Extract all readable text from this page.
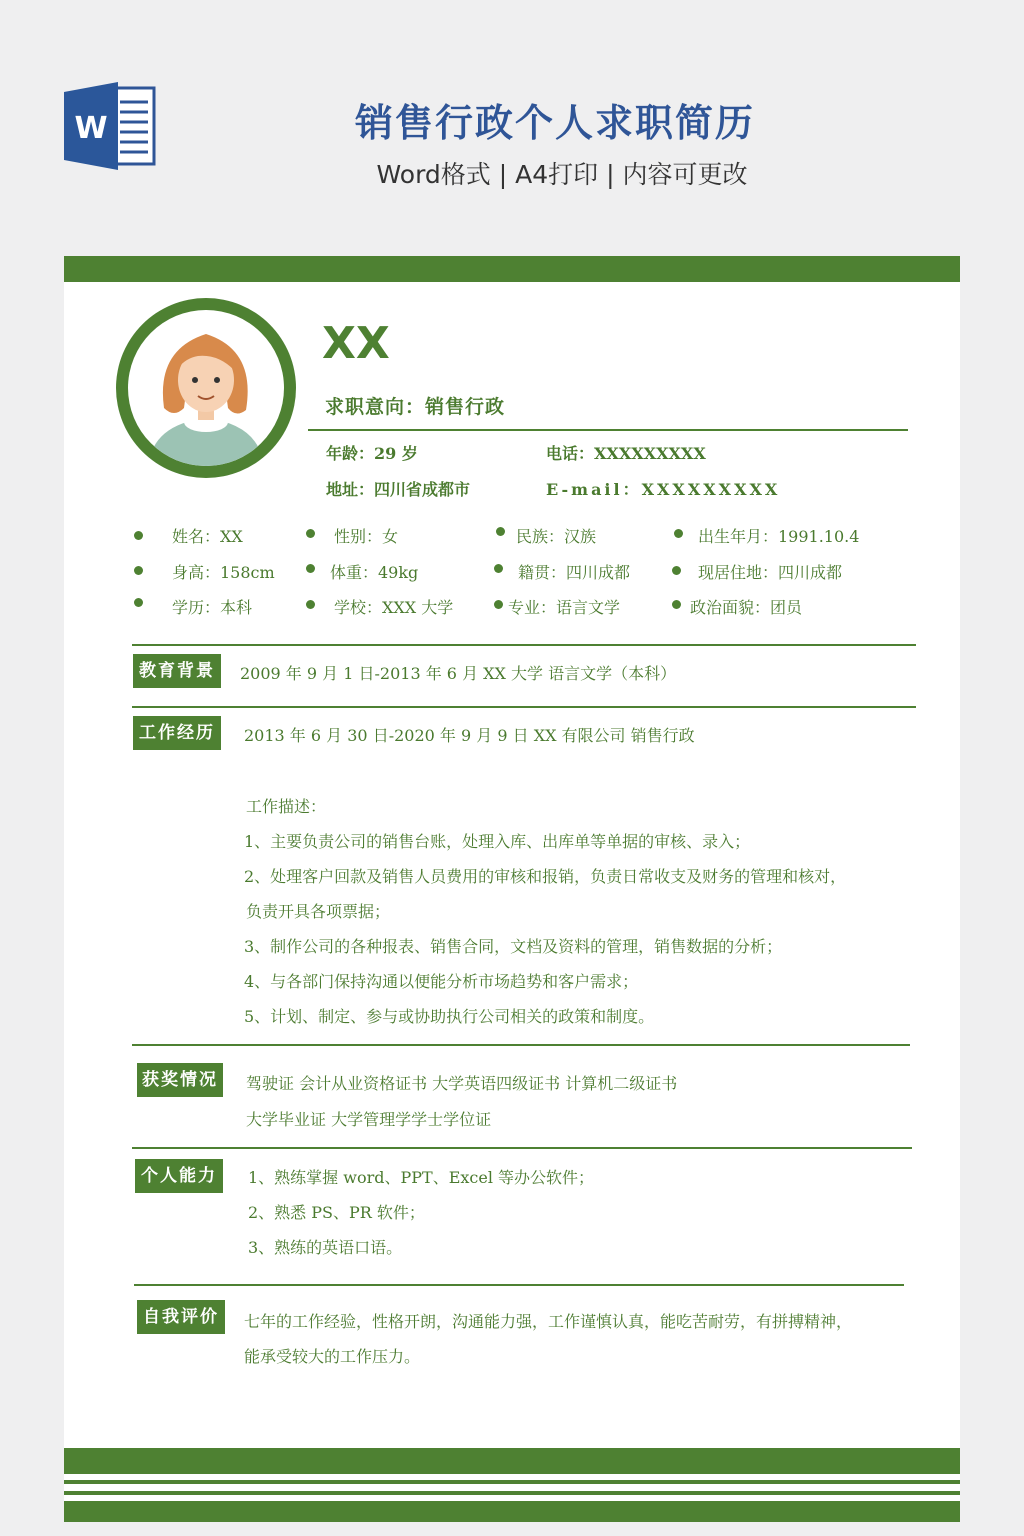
W	销售行政个人求职简历
Word格式 | A4打印 | 内容可更改
XX
求职意向：销售行政
年龄：29 岁	电话：XXXXXXXXX
地址：四川省成都市	E-mail：XXXXXXXXX
姓名：XX	性别：女	民族：汉族	出生年月：1991.10.4
身高：158cm	体重：49kg	籍贯：四川成都	现居住地：四川成都
学历：本科	学校：XXX 大学	专业：语言文学	政治面貌：团员
教育背景	2009 年 9 月 1 日-2013 年 6 月 XX 大学 语言文学（本科）
工作经历	2013 年 6 月 30 日-2020 年 9 月 9 日 XX 有限公司 销售行政
工作描述：
1、主要负责公司的销售台账，处理入库、出库单等单据的审核、录入；
2、处理客户回款及销售人员费用的审核和报销，负责日常收支及财务的管理和核对，
负责开具各项票据；
3、制作公司的各种报表、销售合同，文档及资料的管理，销售数据的分析；
4、与各部门保持沟通以便能分析市场趋势和客户需求；
5、计划、制定、参与或协助执行公司相关的政策和制度。
获奖情况	驾驶证 会计从业资格证书 大学英语四级证书 计算机二级证书
大学毕业证 大学管理学学士学位证
个人能力	1、熟练掌握 word、PPT、Excel 等办公软件；
2、熟悉 PS、PR 软件；
3、熟练的英语口语。
自我评价	七年的工作经验，性格开朗，沟通能力强，工作谨慎认真，能吃苦耐劳，有拼搏精神，
能承受较大的工作压力。
